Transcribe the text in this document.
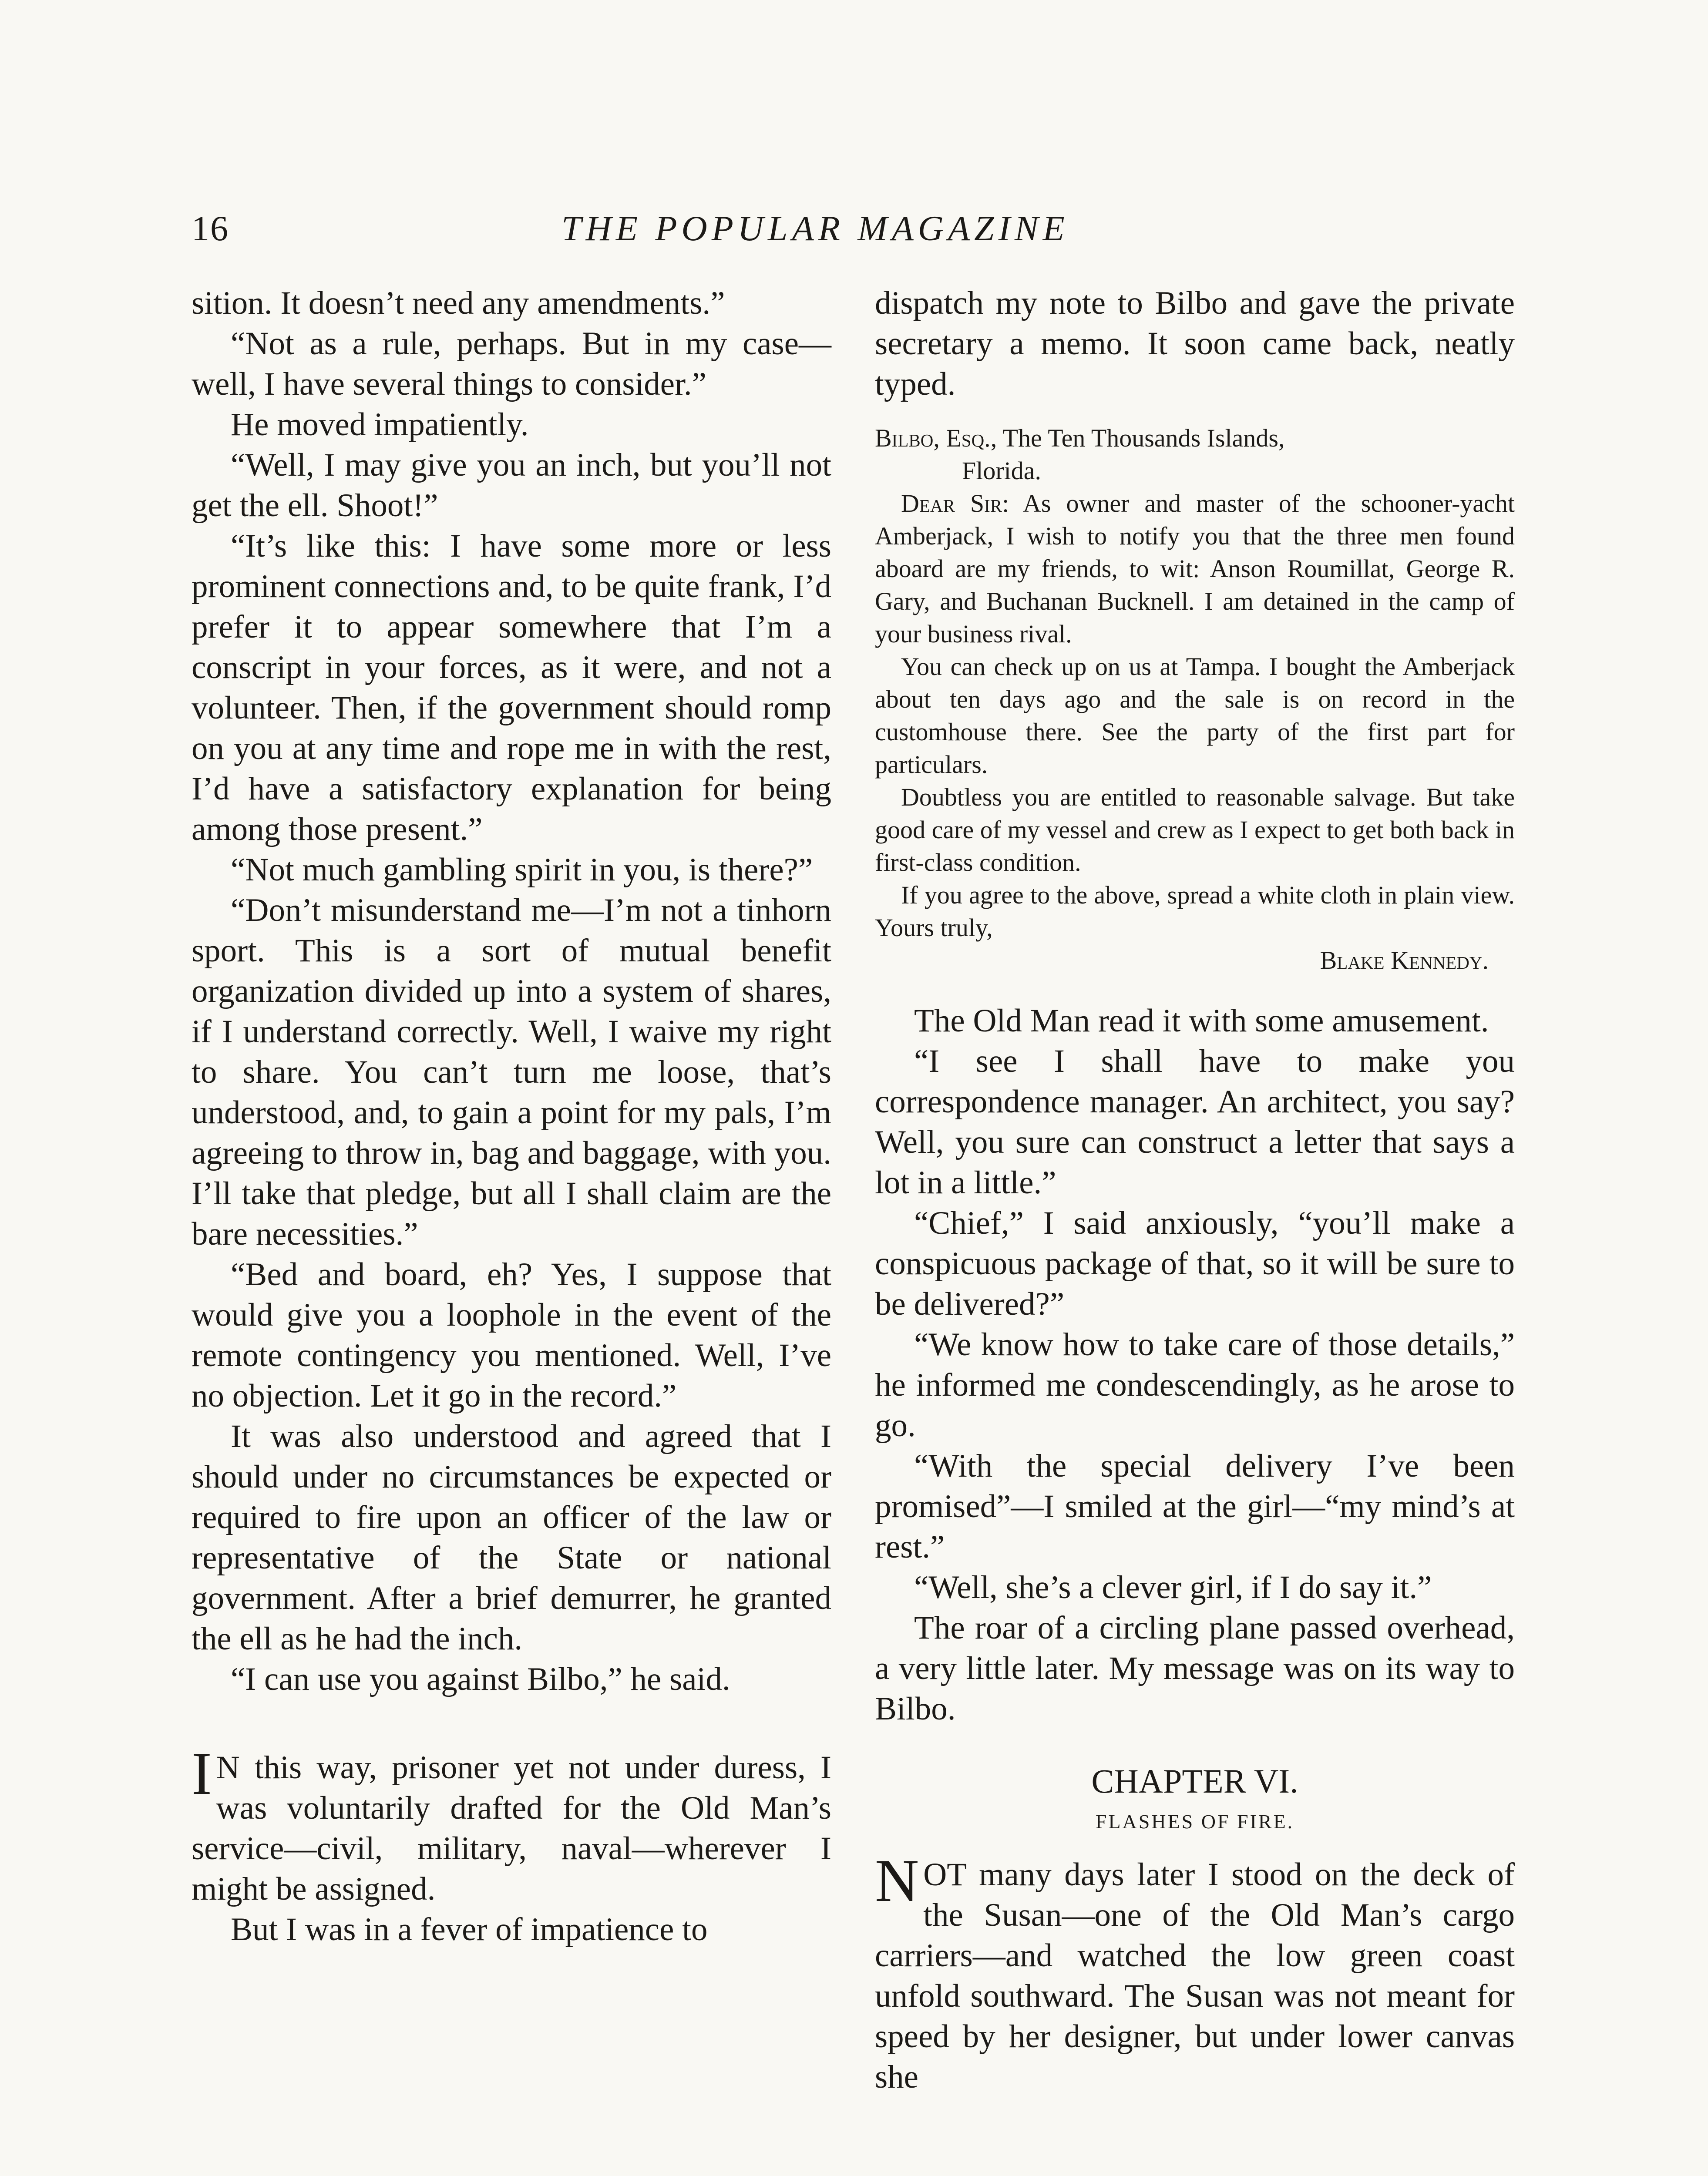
16	THE POPULAR MAGAZINE

sition. It doesn’t need any amendments.”

“Not as a rule, perhaps. But in my case—well, I have several things to consider.”

He moved impatiently.

“Well, I may give you an inch, but you’ll not get the ell. Shoot!”

“It’s like this: I have some more or less prominent connections and, to be quite frank, I’d prefer it to appear somewhere that I’m a conscript in your forces, as it were, and not a volunteer. Then, if the government should romp on you at any time and rope me in with the rest, I’d have a satisfactory explanation for being among those present.”

“Not much gambling spirit in you, is there?”

“Don’t misunderstand me—I’m not a tinhorn sport. This is a sort of mutual benefit organization divided up into a system of shares, if I understand correctly. Well, I waive my right to share. You can’t turn me loose, that’s understood, and, to gain a point for my pals, I’m agreeing to throw in, bag and baggage, with you. I’ll take that pledge, but all I shall claim are the bare necessities.”

“Bed and board, eh? Yes, I suppose that would give you a loophole in the event of the remote contingency you mentioned. Well, I’ve no objection. Let it go in the record.”

It was also understood and agreed that I should under no circumstances be expected or required to fire upon an officer of the law or representative of the State or national government. After a brief demurrer, he granted the ell as he had the inch.

“I can use you against Bilbo,” he said.

I N this way, prisoner yet not under duress, I was voluntarily drafted for the Old Man’s service—civil, military, naval—wherever I might be assigned.

But I was in a fever of impatience to

dispatch my note to Bilbo and gave the private secretary a memo. It soon came back, neatly typed.

Bilbo, Esq., The Ten Thousands Islands,

Florida.

Dear Sir: As owner and master of the schooner-yacht Amberjack, I wish to notify you that the three men found aboard are my friends, to wit: Anson Roumillat, George R. Gary, and Buchanan Bucknell. I am detained in the camp of your business rival.

You can check up on us at Tampa. I bought the Amberjack about ten days ago and the sale is on record in the customhouse there. See the party of the first part for particulars.

Doubtless you are entitled to reasonable salvage. But take good care of my vessel and crew as I expect to get both back in first-class condition.

If you agree to the above, spread a white cloth in plain view. Yours truly,

Blake Kennedy.

The Old Man read it with some amusement.

“I see I shall have to make you correspondence manager. An architect, you say? Well, you sure can construct a letter that says a lot in a little.”

“Chief,” I said anxiously, “you’ll make a conspicuous package of that, so it will be sure to be delivered?”

“We know how to take care of those details,” he informed me condescendingly, as he arose to go.

“With the special delivery I’ve been promised”—I smiled at the girl—“my mind’s at rest.”

“Well, she’s a clever girl, if I do say it.”

The roar of a circling plane passed overhead, a very little later. My message was on its way to Bilbo.

CHAPTER VI.
FLASHES OF FIRE.

N OT many days later I stood on the deck of the Susan—one of the Old Man’s cargo carriers—and watched the low green coast unfold southward. The Susan was not meant for speed by her designer, but under lower canvas she
